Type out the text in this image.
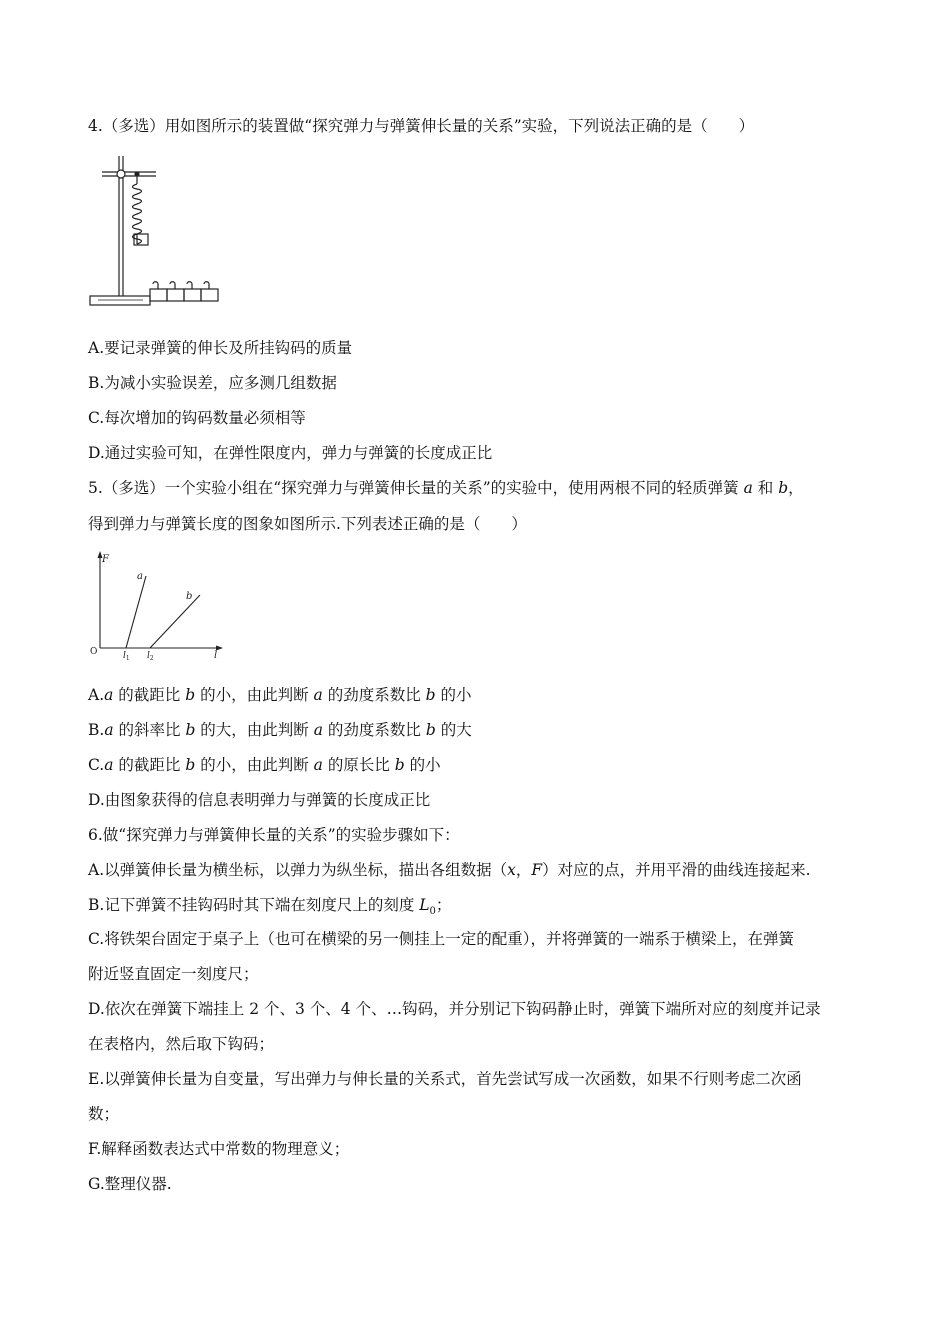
4.（多选）用如图所示的装置做“探究弹力与弹簧伸长量的关系”实验，下列说法正确的是（　　）
A.要记录弹簧的伸长及所挂钩码的质量
B.为减小实验误差，应多测几组数据
C.每次增加的钩码数量必须相等
D.通过实验可知，在弹性限度内，弹力与弹簧的长度成正比
5.（多选）一个实验小组在“探究弹力与弹簧伸长量的关系”的实验中，使用两根不同的轻质弹簧 a 和 b，
得到弹力与弹簧长度的图象如图所示.下列表述正确的是（　　）
F
l
O
a
b
$l_1$ $l_2$
A.a 的截距比 b 的小，由此判断 a 的劲度系数比 b 的小
B.a 的斜率比 b 的大，由此判断 a 的劲度系数比 b 的大
C.a 的截距比 b 的小，由此判断 a 的原长比 b 的小
D.由图象获得的信息表明弹力与弹簧的长度成正比
6.做“探究弹力与弹簧伸长量的关系”的实验步骤如下：
A.以弹簧伸长量为横坐标，以弹力为纵坐标，描出各组数据（x，F）对应的点，并用平滑的曲线连接起来.
B.记下弹簧不挂钩码时其下端在刻度尺上的刻度 $L_0$；
C.将铁架台固定于桌子上（也可在横梁的另一侧挂上一定的配重），并将弹簧的一端系于横梁上，在弹簧
附近竖直固定一刻度尺；
D.依次在弹簧下端挂上 2 个、3 个、4 个、…钩码，并分别记下钩码静止时，弹簧下端所对应的刻度并记录
在表格内，然后取下钩码；
E.以弹簧伸长量为自变量，写出弹力与伸长量的关系式，首先尝试写成一次函数，如果不行则考虑二次函
数；
F.解释函数表达式中常数的物理意义；
G.整理仪器.
